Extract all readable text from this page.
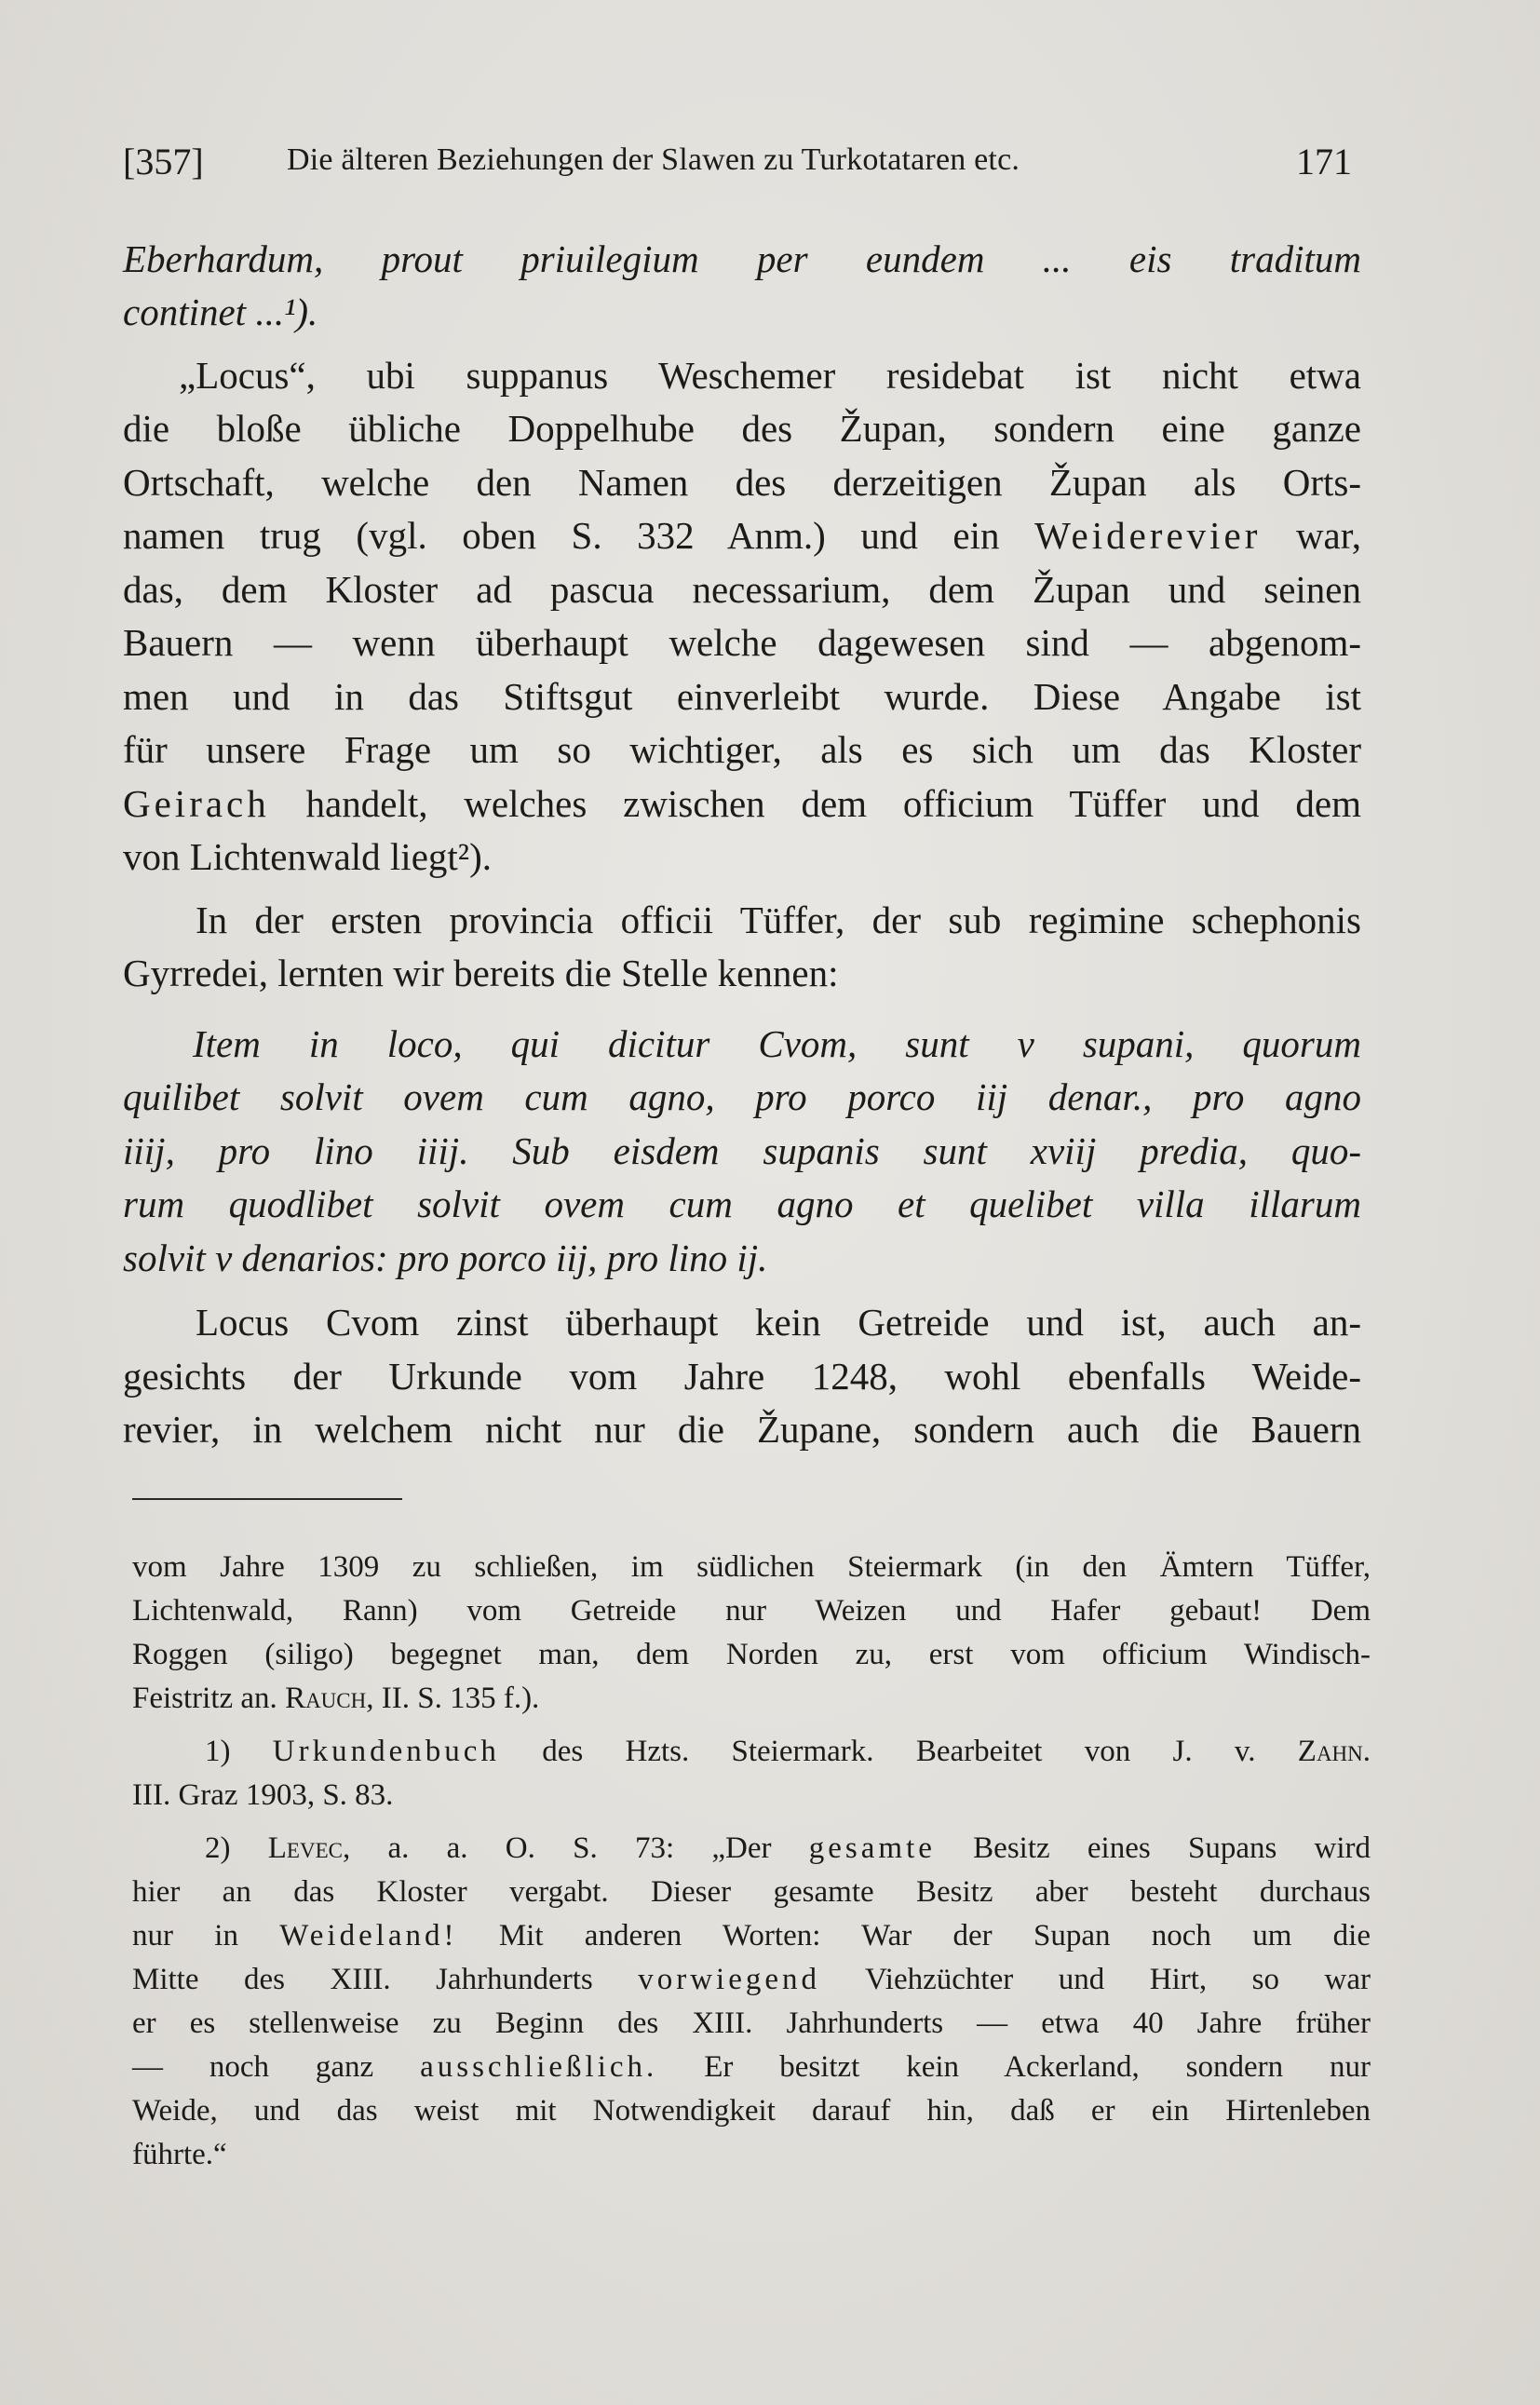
[357]	Die älteren Beziehungen der Slawen zu Turkotataren etc.	171
Eberhardum, prout priuilegium per eundem ... eis traditum
continet ...¹).
„Locus“, ubi suppanus Weschemer residebat ist nicht etwa
die bloße übliche Doppelhube des Župan, sondern eine ganze
Ortschaft, welche den Namen des derzeitigen Župan als Orts-
namen trug (vgl. oben S. 332 Anm.) und ein Weiderevier war,
das, dem Kloster ad pascua necessarium, dem Župan und seinen
Bauern — wenn überhaupt welche dagewesen sind — abgenom-
men und in das Stiftsgut einverleibt wurde. Diese Angabe ist
für unsere Frage um so wichtiger, als es sich um das Kloster
Geirach handelt, welches zwischen dem officium Tüffer und dem
von Lichtenwald liegt²).
In der ersten provincia officii Tüffer, der sub regimine schephonis
Gyrredei, lernten wir bereits die Stelle kennen:
Item in loco, qui dicitur Cvom, sunt v supani, quorum
quilibet solvit ovem cum agno, pro porco iij denar., pro agno
iiij, pro lino iiij. Sub eisdem supanis sunt xviij predia, quo-
rum quodlibet solvit ovem cum agno et quelibet villa illarum
solvit v denarios: pro porco iij, pro lino ij.
Locus Cvom zinst überhaupt kein Getreide und ist, auch an-
gesichts der Urkunde vom Jahre 1248, wohl ebenfalls Weide-
revier, in welchem nicht nur die Župane, sondern auch die Bauern
vom Jahre 1309 zu schließen, im südlichen Steiermark (in den Ämtern Tüffer,
Lichtenwald, Rann) vom Getreide nur Weizen und Hafer gebaut! Dem
Roggen (siligo) begegnet man, dem Norden zu, erst vom officium Windisch-
Feistritz an. Rauch, II. S. 135 f.).
1) Urkundenbuch des Hzts. Steiermark. Bearbeitet von J. v. Zahn.
III. Graz 1903, S. 83.
2) Levec, a. a. O. S. 73: „Der gesamte Besitz eines Supans wird
hier an das Kloster vergabt. Dieser gesamte Besitz aber besteht durchaus
nur in Weideland! Mit anderen Worten: War der Supan noch um die
Mitte des XIII. Jahrhunderts vorwiegend Viehzüchter und Hirt, so war
er es stellenweise zu Beginn des XIII. Jahrhunderts — etwa 40 Jahre früher
— noch ganz ausschließlich. Er besitzt kein Ackerland, sondern nur
Weide, und das weist mit Notwendigkeit darauf hin, daß er ein Hirtenleben
führte.“
